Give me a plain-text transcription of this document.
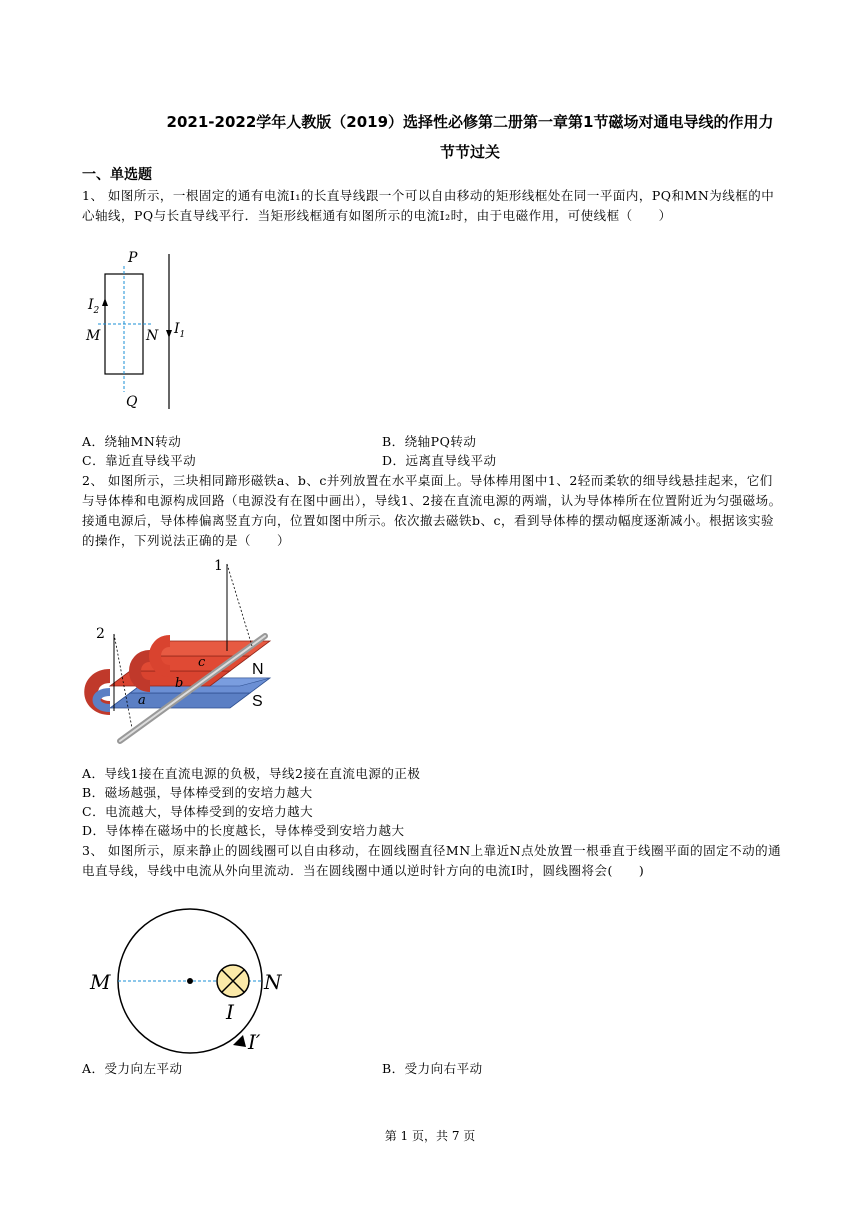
2021-2022学年人教版（2019）选择性必修第二册第一章第1节磁场对通电导线的作用力
节节过关
一、单选题
1、 如图所示，一根固定的通有电流I₁的长直导线跟一个可以自由移动的矩形线框处在同一平面内，PQ和MN为线框的中心轴线，PQ与长直导线平行．当矩形线框通有如图所示的电流I₂时，由于电磁作用，可使线框（　　）
P
Q
M	N
$I_2$
$I_1$
A．绕轴MN转动	B．绕轴PQ转动
C．靠近直导线平动	D．远离直导线平动
2、 如图所示，三块相同蹄形磁铁a、b、c并列放置在水平桌面上。导体棒用图中1、2轻而柔软的细导线悬挂起来，它们与导体棒和电源构成回路（电源没有在图中画出），导线1、2接在直流电源的两端，认为导体棒所在位置附近为匀强磁场。接通电源后，导体棒偏离竖直方向，位置如图中所示。依次撤去磁铁b、c，看到导体棒的摆动幅度逐渐减小。根据该实验的操作，下列说法正确的是（　　）
1
2
N
S
a
b
c
A．导线1接在直流电源的负极，导线2接在直流电源的正极
B．磁场越强，导体棒受到的安培力越大
C．电流越大，导体棒受到的安培力越大
D．导体棒在磁场中的长度越长，导体棒受到安培力越大
3、 如图所示，原来静止的圆线圈可以自由移动，在圆线圈直径MN上靠近N点处放置一根垂直于线圈平面的固定不动的通电直导线，导线中电流从外向里流动．当在圆线圈中通以逆时针方向的电流I时，圆线圈将会(　　)
M	N
I
I′
A．受力向左平动	B．受力向右平动
第 1 页，共 7 页
